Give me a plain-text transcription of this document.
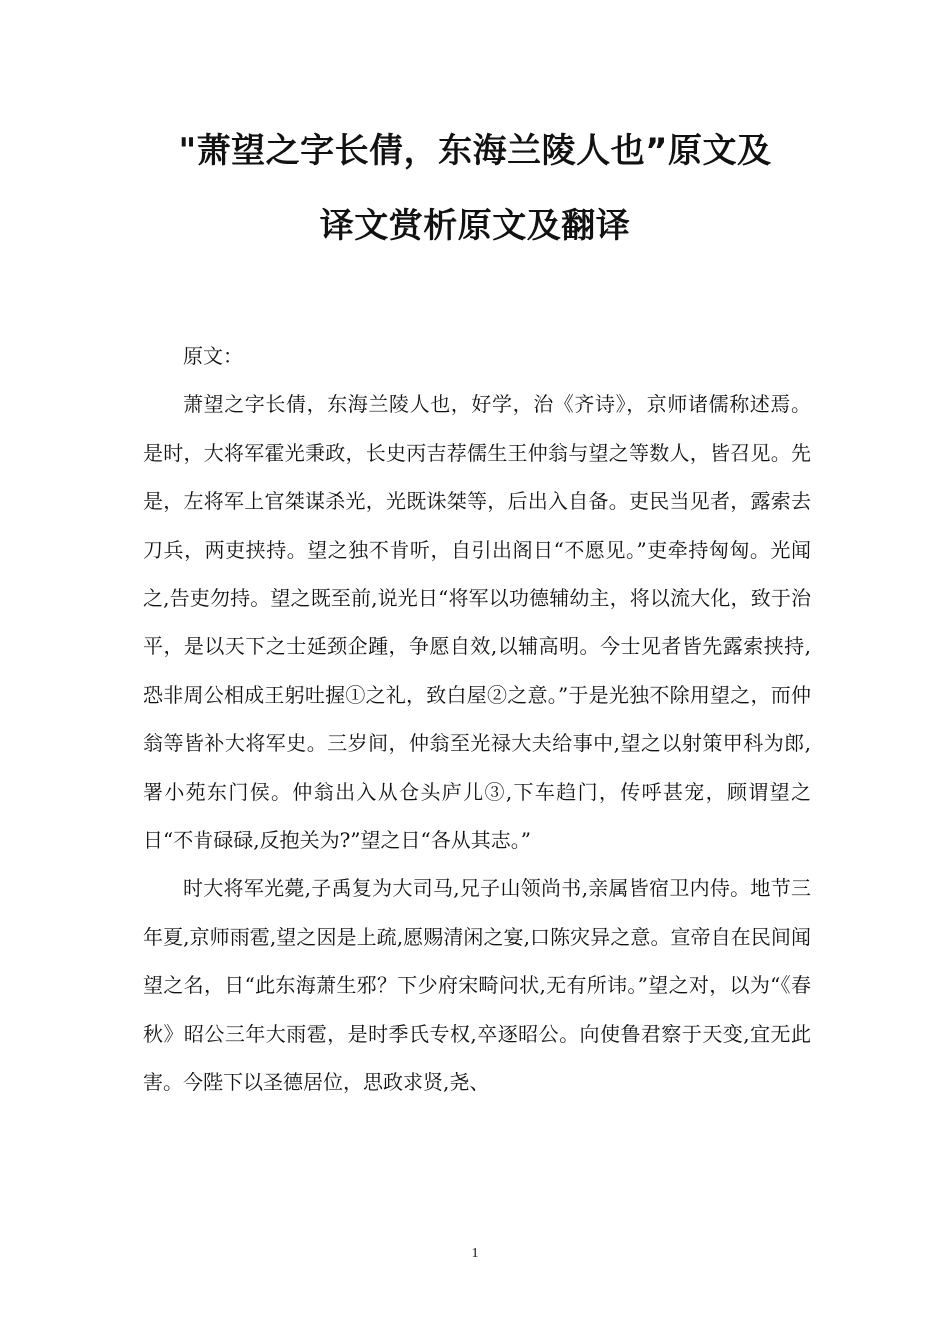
"萧望之字长倩，东海兰陵人也”原文及
译文赏析原文及翻译

原文：

萧望之字长倩，东海兰陵人也，好学，治《齐诗》，京师诸儒称述焉。是时，大将军霍光秉政，长史丙吉荐儒生王仲翁与望之等数人，皆召见。先是，左将军上官桀谋杀光，光既诛桀等，后出入自备。吏民当见者，露索去刀兵，两吏挟持。望之独不肯听，自引出阁日“不愿见。”吏牵持匈匈。光闻之,告吏勿持。望之既至前,说光日“将军以功德辅幼主，将以流大化，致于治平，是以天下之士延颈企踵，争愿自效,以辅高明。今士见者皆先露索挟持,恐非周公相成王躬吐握①之礼，致白屋②之意。”于是光独不除用望之，而仲翁等皆补大将军史。三岁间，仲翁至光禄大夫给事中,望之以射策甲科为郎,署小苑东门侯。仲翁出入从仓头庐儿③,下车趋门，传呼甚宠，顾谓望之日“不肯碌碌,反抱关为?”望之日“各从其志。”

时大将军光薨,子禹复为大司马,兄子山领尚书,亲属皆宿卫内侍。地节三年夏,京师雨雹,望之因是上疏,愿赐清闲之宴,口陈灾异之意。宣帝自在民间闻望之名，日“此东海萧生邪？下少府宋畸问状,无有所讳。”望之对，以为“《春秋》昭公三年大雨雹，是时季氏专权,卒逐昭公。向使鲁君察于天变,宜无此害。今陛下以圣德居位，思政求贤,尧、

1
